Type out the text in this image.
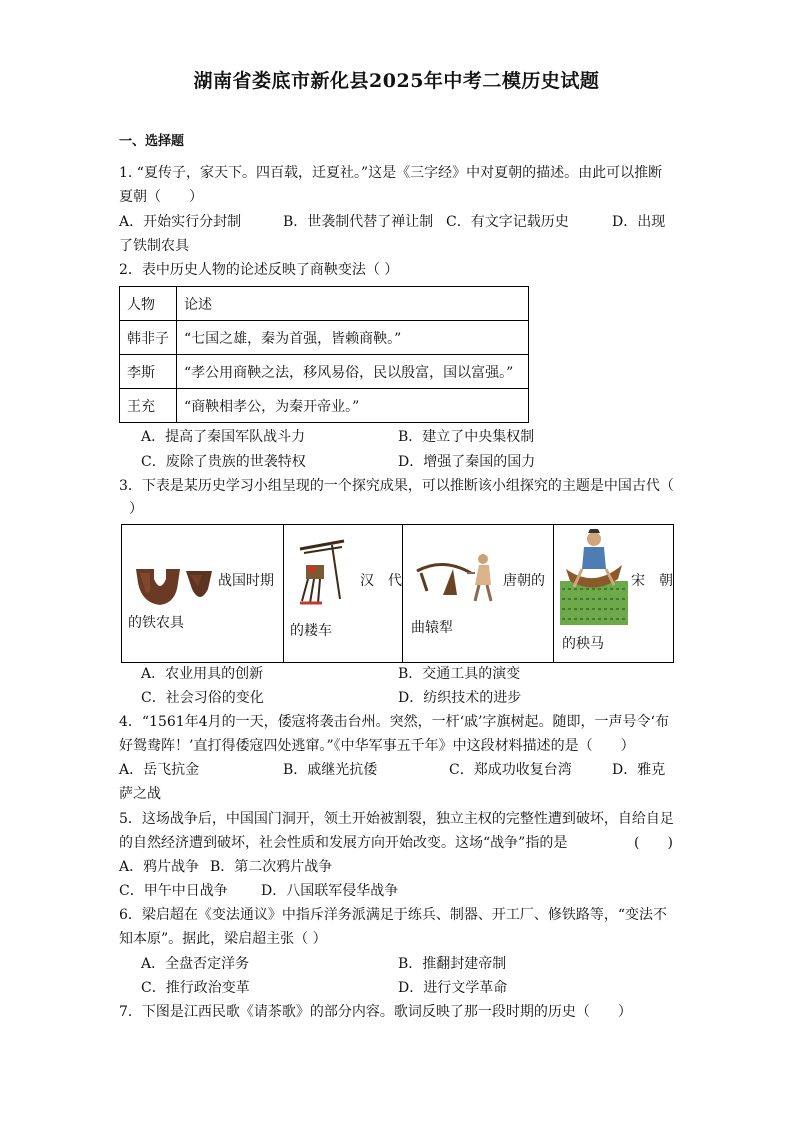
湖南省娄底市新化县2025年中考二模历史试题
一、选择题
1. “夏传子，家天下。四百载，迁夏社。”这是《三字经》中对夏朝的描述。由此可以推断
夏朝（　　）
A．开始实行分封制	B．世袭制代替了禅让制 C．有文字记载历史	D．出现
了铁制农具
2．表中历史人物的论述反映了商鞅变法（ ）
人物	论述
韩非子	“七国之雄，秦为首强，皆赖商鞅。”
李斯	“孝公用商鞅之法，移风易俗，民以殷富，国以富强。”
王充	“商鞅相孝公，为秦开帝业。”
A．提高了秦国军队战斗力	B．建立了中央集权制
C．废除了贵族的世袭特权	D．增强了秦国的国力
3．下表是某历史学习小组呈现的一个探究成果，可以推断该小组探究的主题是中国古代（
）
战国时期
的铁农具

汉　代
的耧车

唐朝的
曲辕犁

宋　朝
的秧马
A．农业用具的创新	B．交通工具的演变
C．社会习俗的变化	D．纺织技术的进步
4．“1561年4月的一天，倭寇将袭击台州。突然，一杆‘戚’字旗树起。随即，一声号令‘布
好鸳鸯阵！’直打得倭寇四处逃窜。”《中华军事五千年》中这段材料描述的是（　　）
A．岳飞抗金	B．戚继光抗倭	C．郑成功收复台湾	D．雅克
萨之战
5．这场战争后，中国国门洞开，领土开始被割裂，独立主权的完整性遭到破坏，自给自足
的自然经济遭到破坏，社会性质和发展方向开始改变。这场“战争”指的是	(　　)
A．鸦片战争 B．第二次鸦片战争
C．甲午中日战争 D．八国联军侵华战争
6．梁启超在《变法通议》中指斥洋务派满足于练兵、制器、开工厂、修铁路等，“变法不
知本原”。据此，梁启超主张（ ）
A．全盘否定洋务	B．推翻封建帝制
C．推行政治变革	D．进行文学革命
7．下图是江西民歌《请茶歌》的部分内容。歌词反映了那一段时期的历史（　　）
